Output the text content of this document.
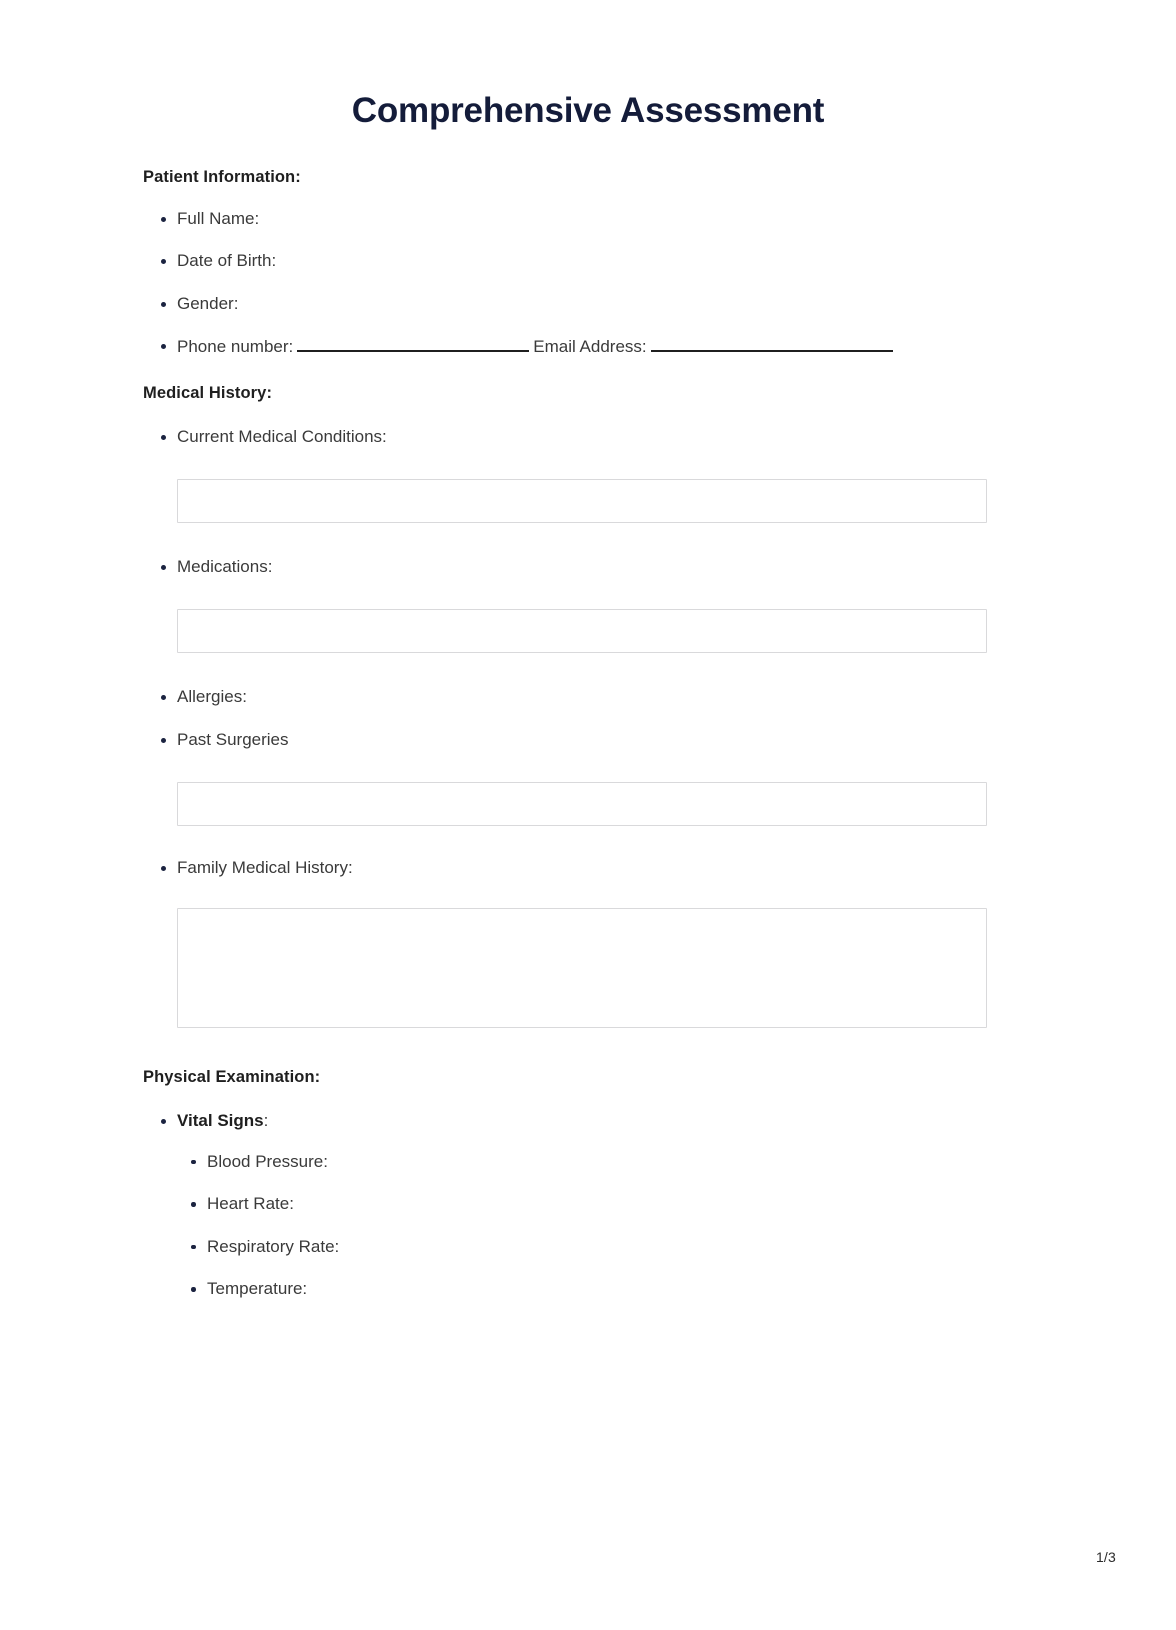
Comprehensive Assessment
Patient Information:
Full Name:
Date of Birth:
Gender:
Phone number:	Email Address:
Medical History:
Current Medical Conditions:
Medications:
Allergies:
Past Surgeries
Family Medical History:
Physical Examination:
Vital Signs:
Blood Pressure:
Heart Rate:
Respiratory Rate:
Temperature:
1/3
